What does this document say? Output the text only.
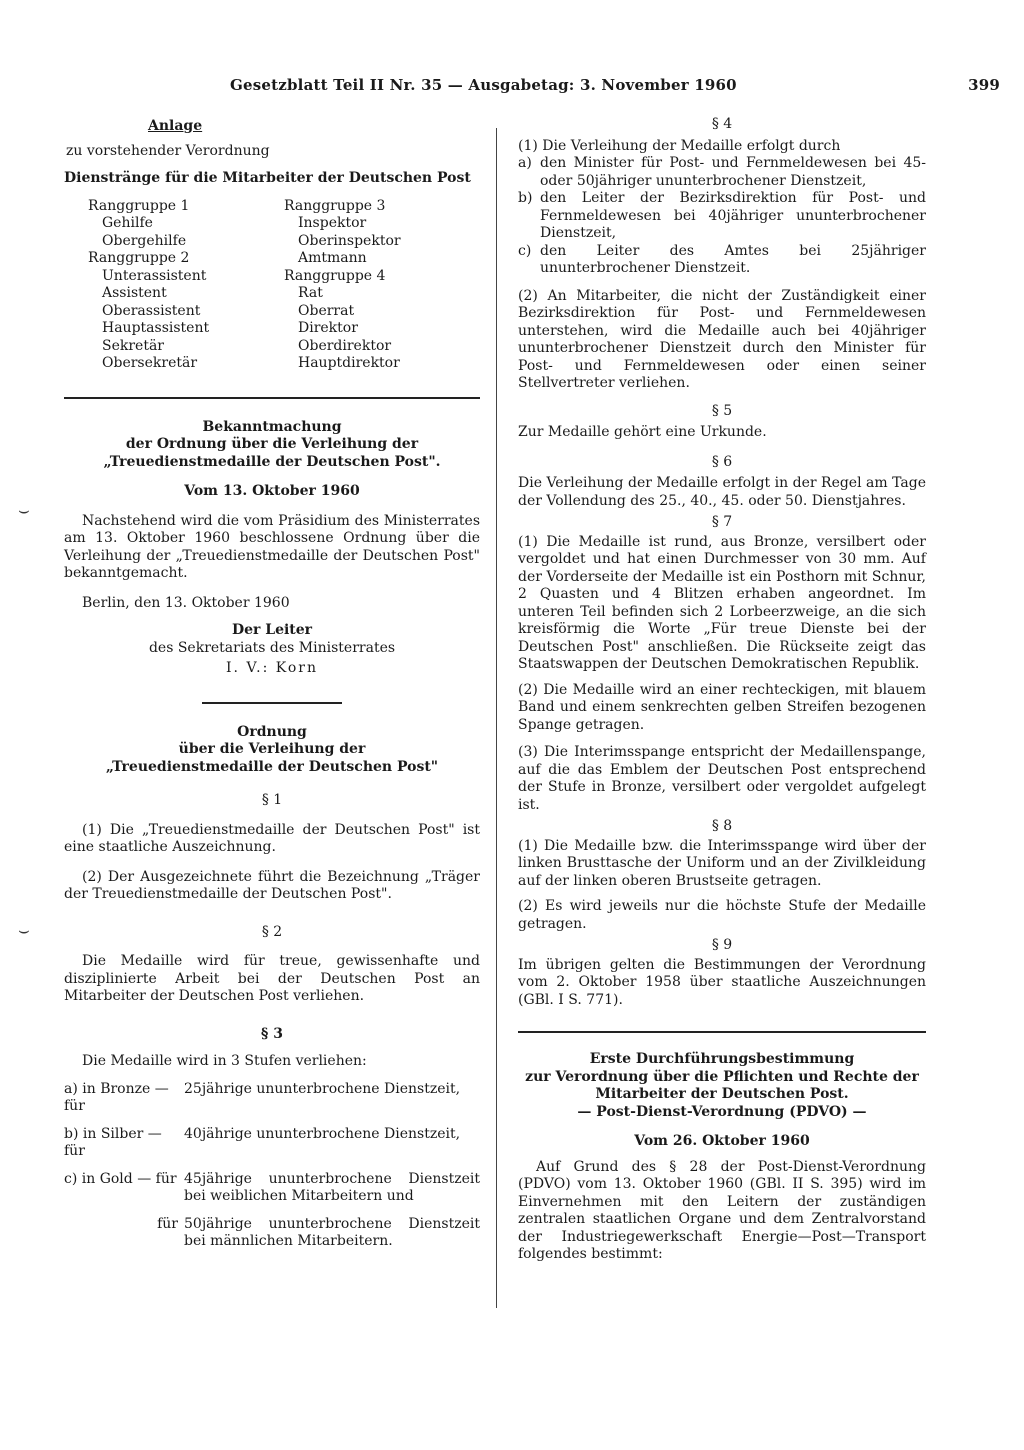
Gesetzblatt Teil II Nr. 35 — Ausgabetag: 3. November 1960	399
⌣
⌣

Anlage

zu vorstehender Verordnung

Dienstränge für die Mitarbeiter der Deutschen Post

Ranggruppe 1

Gehilfe

Obergehilfe

Ranggruppe 2

Unterassistent

Assistent

Oberassistent

Hauptassistent

Sekretär

Obersekretär

Ranggruppe 3

Inspektor

Oberinspektor

Amtmann

Ranggruppe 4

Rat

Oberrat

Direktor

Oberdirektor

Hauptdirektor

Bekanntmachung

der Ordnung über die Verleihung der

„Treuedienstmedaille der Deutschen Post".

Vom 13. Oktober 1960

Nachstehend wird die vom Präsidium des Ministerrates am 13. Oktober 1960 beschlossene Ordnung über die Verleihung der „Treuedienstmedaille der Deutschen Post" bekanntgemacht.

Berlin, den 13. Oktober 1960

Der Leiter

des Sekretariats des Ministerrates

I. V.: Korn

Ordnung

über die Verleihung der

„Treuedienstmedaille der Deutschen Post"

§ 1

(1) Die „Treuedienstmedaille der Deutschen Post" ist eine staatliche Auszeichnung.

(2) Der Ausgezeichnete führt die Bezeichnung „Träger der Treuedienstmedaille der Deutschen Post".

§ 2

Die Medaille wird für treue, gewissenhafte und disziplinierte Arbeit bei der Deutschen Post an Mitarbeiter der Deutschen Post verliehen.

§ 3

Die Medaille wird in 3 Stufen verliehen:

a) in Bronze — für
25jährige ununterbrochene Dienstzeit,
b) in Silber — für
40jährige ununterbrochene Dienstzeit,
c) in Gold — für 45jährige ununterbrochene Dienstzeit bei weiblichen Mitarbeitern und
für 50jährige ununterbrochene Dienstzeit bei männlichen Mitarbeitern.

§ 4

(1) Die Verleihung der Medaille erfolgt durch

a) den Minister für Post- und Fernmeldewesen bei 45- oder 50jähriger ununterbrochener Dienstzeit,
b) den Leiter der Bezirksdirektion für Post- und Fernmeldewesen bei 40jähriger ununterbrochener Dienstzeit,
c) den Leiter des Amtes bei 25jähriger ununterbrochener Dienstzeit.

(2) An Mitarbeiter, die nicht der Zuständigkeit einer Bezirksdirektion für Post- und Fernmeldewesen unterstehen, wird die Medaille auch bei 40jähriger ununterbrochener Dienstzeit durch den Minister für Post- und Fernmeldewesen oder einen seiner Stellvertreter verliehen.

§ 5

Zur Medaille gehört eine Urkunde.

§ 6

Die Verleihung der Medaille erfolgt in der Regel am Tage der Vollendung des 25., 40., 45. oder 50. Dienstjahres.

§ 7

(1) Die Medaille ist rund, aus Bronze, versilbert oder vergoldet und hat einen Durchmesser von 30 mm. Auf der Vorderseite der Medaille ist ein Posthorn mit Schnur, 2 Quasten und 4 Blitzen erhaben angeordnet. Im unteren Teil befinden sich 2 Lorbeerzweige, an die sich kreisförmig die Worte „Für treue Dienste bei der Deutschen Post" anschließen. Die Rückseite zeigt das Staatswappen der Deutschen Demokratischen Republik.

(2) Die Medaille wird an einer rechteckigen, mit blauem Band und einem senkrechten gelben Streifen bezogenen Spange getragen.

(3) Die Interimsspange entspricht der Medaillenspange, auf die das Emblem der Deutschen Post entsprechend der Stufe in Bronze, versilbert oder vergoldet aufgelegt ist.

§ 8

(1) Die Medaille bzw. die Interimsspange wird über der linken Brusttasche der Uniform und an der Zivilkleidung auf der linken oberen Brustseite getragen.

(2) Es wird jeweils nur die höchste Stufe der Medaille getragen.

§ 9

Im übrigen gelten die Bestimmungen der Verordnung vom 2. Oktober 1958 über staatliche Auszeichnungen (GBl. I S. 771).

Erste Durchführungsbestimmung

zur Verordnung über die Pflichten und Rechte der

Mitarbeiter der Deutschen Post.

— Post-Dienst-Verordnung (PDVO) —

Vom 26. Oktober 1960

Auf Grund des § 28 der Post-Dienst-Verordnung (PDVO) vom 13. Oktober 1960 (GBl. II S. 395) wird im Einvernehmen mit den Leitern der zuständigen zentralen staatlichen Organe und dem Zentralvorstand der Industriegewerkschaft Energie—Post—Transport folgendes bestimmt:
